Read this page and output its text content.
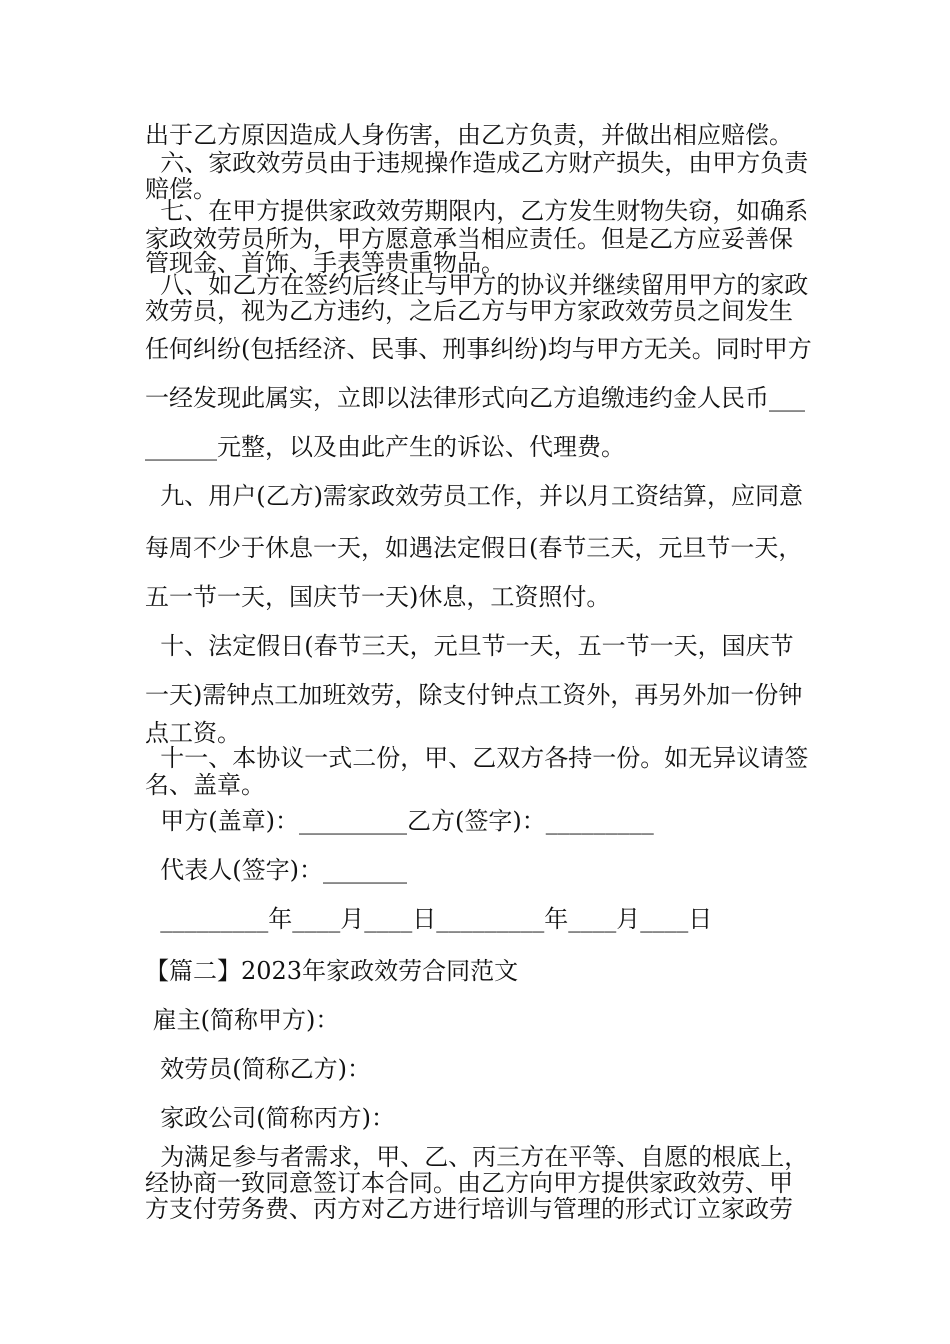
出于乙方原因造成人身伤害，由乙方负责，并做出相应赔偿。
六、家政效劳员由于违规操作造成乙方财产损失，由甲方负责
赔偿。
七、在甲方提供家政效劳期限内，乙方发生财物失窃，如确系
家政效劳员所为，甲方愿意承当相应责任。但是乙方应妥善保
管现金、首饰、手表等贵重物品。
八、如乙方在签约后终止与甲方的协议并继续留用甲方的家政
效劳员，视为乙方违约，之后乙方与甲方家政效劳员之间发生
任何纠纷(包括经济、民事、刑事纠纷)均与甲方无关。同时甲方
一经发现此属实，立即以法律形式向乙方追缴违约金人民币___
______元整，以及由此产生的诉讼、代理费。
九、用户(乙方)需家政效劳员工作，并以月工资结算，应同意
每周不少于休息一天，如遇法定假日(春节三天，元旦节一天，
五一节一天，国庆节一天)休息，工资照付。
十、法定假日(春节三天，元旦节一天，五一节一天，国庆节
一天)需钟点工加班效劳，除支付钟点工资外，再另外加一份钟
点工资。
十一、本协议一式二份，甲、乙双方各持一份。如无异议请签
名、盖章。
甲方(盖章)：_________乙方(签字)：_________
代表人(签字)：_______
_________年____月____日_________年____月____日
【篇二】2023年家政效劳合同范文
雇主(简称甲方)：
效劳员(简称乙方)：
家政公司(简称丙方)：
为满足参与者需求，甲、乙、丙三方在平等、自愿的根底上，
经协商一致同意签订本合同。由乙方向甲方提供家政效劳、甲
方支付劳务费、丙方对乙方进行培训与管理的形式订立家政劳
